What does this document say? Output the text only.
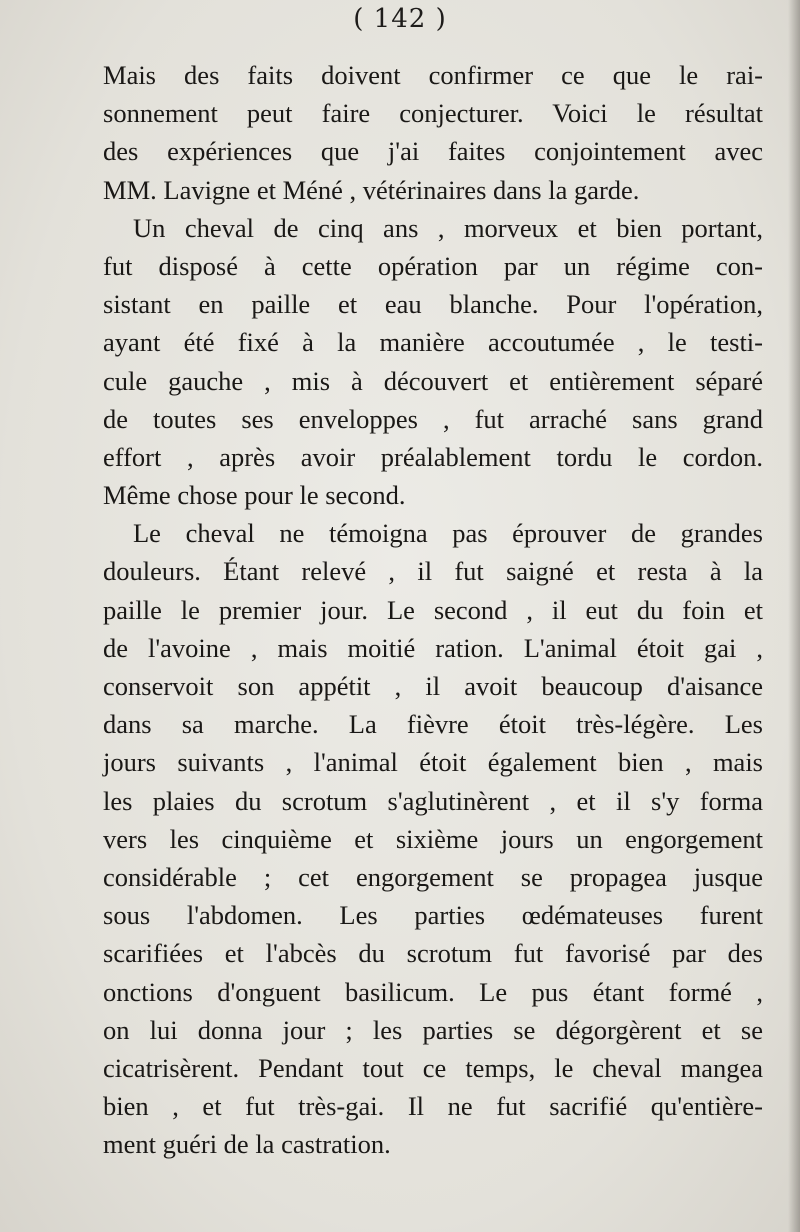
( 142 )
Mais des faits doivent confirmer ce que le rai-
sonnement peut faire conjecturer. Voici le résultat
des expériences que j'ai faites conjointement avec
MM. Lavigne et Méné , vétérinaires dans la garde.
Un cheval de cinq ans , morveux et bien portant,
fut disposé à cette opération par un régime con-
sistant en paille et eau blanche. Pour l'opération,
ayant été fixé à la manière accoutumée , le testi-
cule gauche , mis à découvert et entièrement séparé
de toutes ses enveloppes , fut arraché sans grand
effort , après avoir préalablement tordu le cordon.
Même chose pour le second.
Le cheval ne témoigna pas éprouver de grandes
douleurs. Étant relevé , il fut saigné et resta à la
paille le premier jour. Le second , il eut du foin et
de l'avoine , mais moitié ration. L'animal étoit gai ,
conservoit son appétit , il avoit beaucoup d'aisance
dans sa marche. La fièvre étoit très-légère. Les
jours suivants , l'animal étoit également bien , mais
les plaies du scrotum s'aglutinèrent , et il s'y forma
vers les cinquième et sixième jours un engorgement
considérable ; cet engorgement se propagea jusque
sous l'abdomen. Les parties œdémateuses furent
scarifiées et l'abcès du scrotum fut favorisé par des
onctions d'onguent basilicum. Le pus étant formé ,
on lui donna jour ; les parties se dégorgèrent et se
cicatrisèrent. Pendant tout ce temps, le cheval mangea
bien , et fut très-gai. Il ne fut sacrifié qu'entière-
ment guéri de la castration.
